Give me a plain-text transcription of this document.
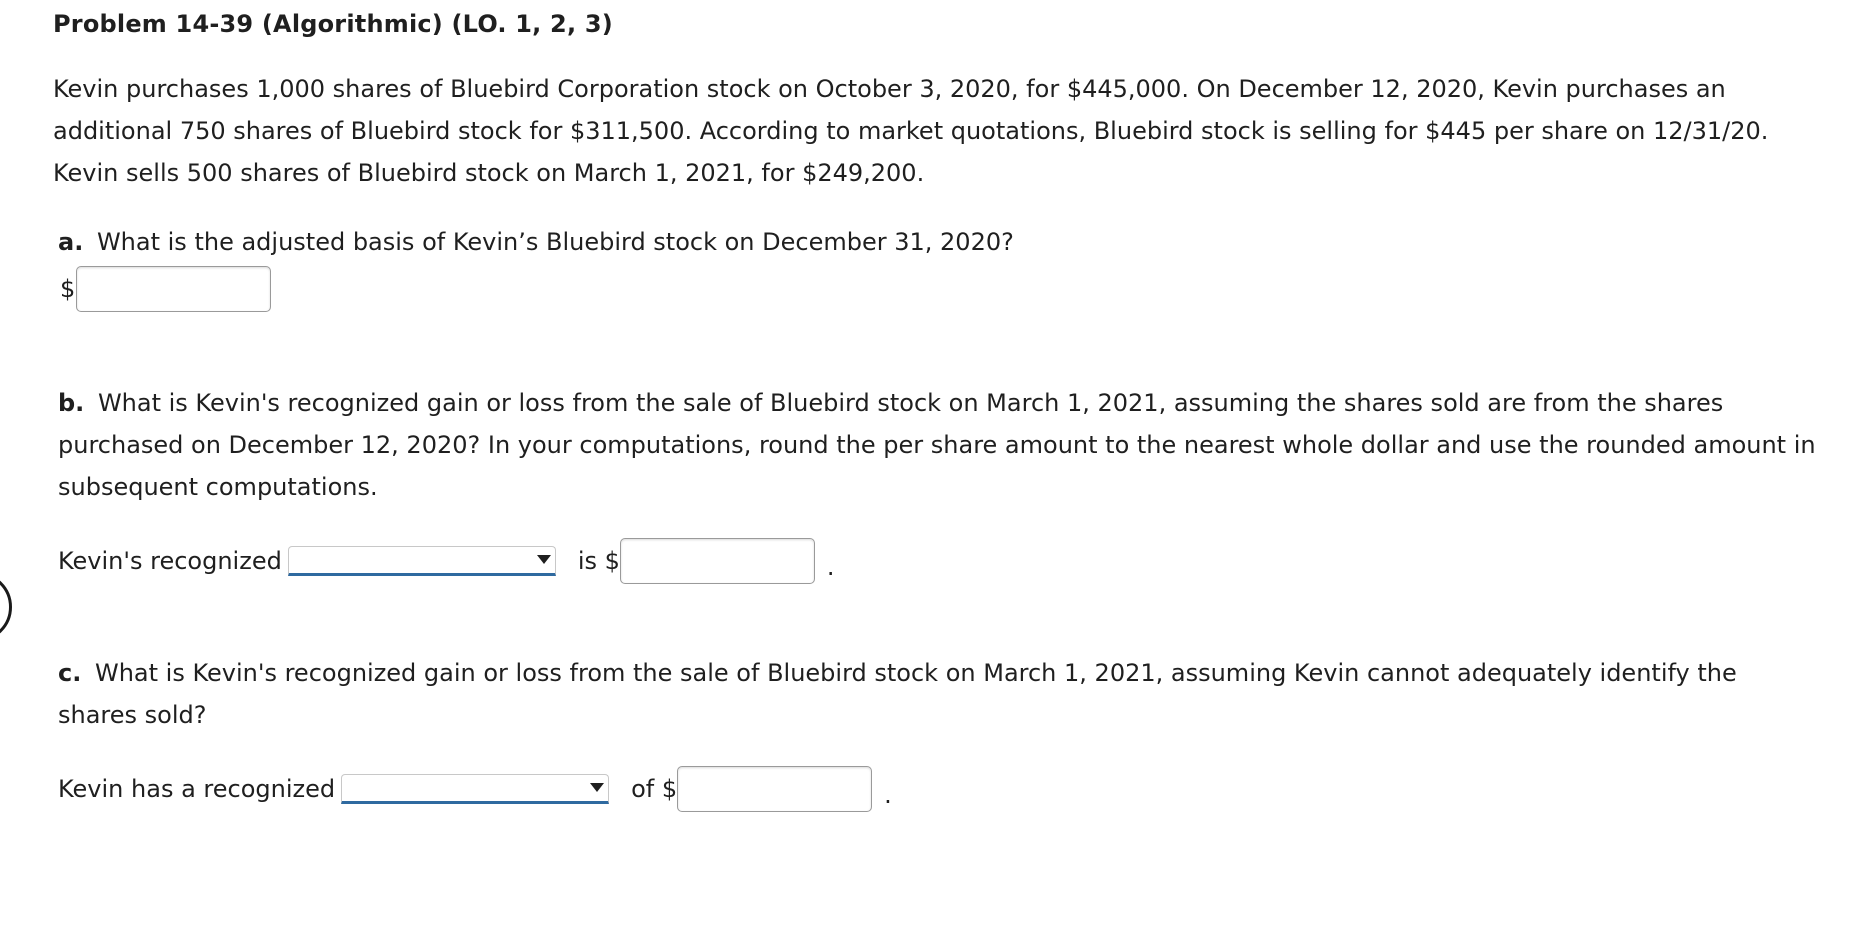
Problem 14-39 (Algorithmic) (LO. 1, 2, 3)
Kevin purchases 1,000 shares of Bluebird Corporation stock on October 3, 2020, for $445,000. On December 12, 2020, Kevin purchases an additional 750 shares of Bluebird stock for $311,500. According to market quotations, Bluebird stock is selling for $445 per share on 12/31/20. Kevin sells 500 shares of Bluebird stock on March 1, 2021, for $249,200.
a. What is the adjusted basis of Kevin’s Bluebird stock on December 31, 2020?
$
b. What is Kevin's recognized gain or loss from the sale of Bluebird stock on March 1, 2021, assuming the shares sold are from the shares purchased on December 12, 2020? In your computations, round the per share amount to the nearest whole dollar and use the rounded amount in subsequent computations.
Kevin's recognized	is $	.
c. What is Kevin's recognized gain or loss from the sale of Bluebird stock on March 1, 2021, assuming Kevin cannot adequately identify the shares sold?
Kevin has a recognized	of $	.
